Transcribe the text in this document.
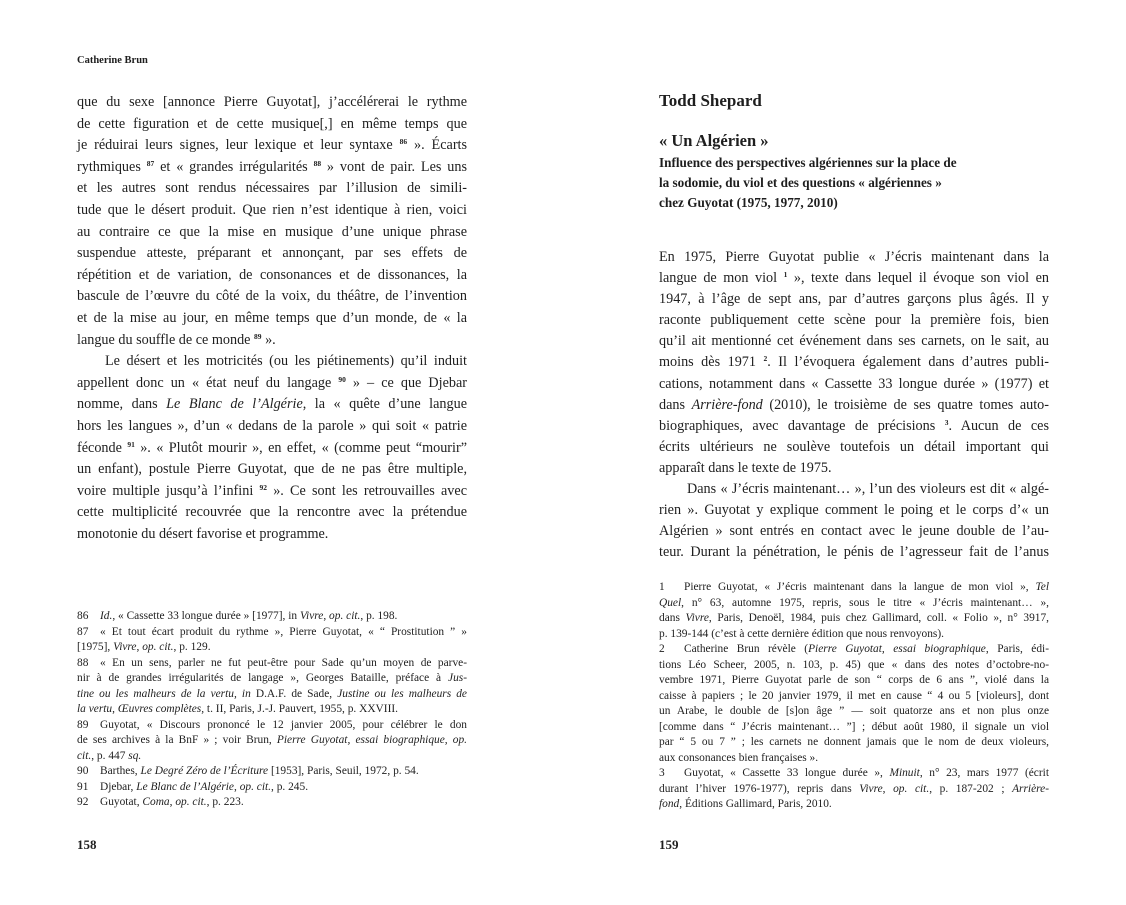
Catherine Brun
que du sexe [annonce Pierre Guyotat], j’accélérerai le rythme
de cette figuration et de cette musique[,] en même temps que
je réduirai leurs signes, leur lexique et leur syntaxe $^{86}$ ». Écarts
rythmiques $^{87}$ et « grandes irrégularités $^{88}$ » vont de pair. Les uns
et les autres sont rendus nécessaires par l’illusion de simili-
tude que le désert produit. Que rien n’est identique à rien, voici
au contraire ce que la mise en musique d’une unique phrase
suspendue atteste, préparant et annonçant, par ses effets de
répétition et de variation, de consonances et de dissonances, la
bascule de l’œuvre du côté de la voix, du théâtre, de l’invention
et de la mise au jour, en même temps que d’un monde, de « la
langue du souffle de ce monde $^{89}$ ».
Le désert et les motricités (ou les piétinements) qu’il induit
appellent donc un « état neuf du langage $^{90}$ » – ce que Djebar
nomme, dans Le Blanc de l’Algérie, la « quête d’une langue
hors les langues », d’un « dedans de la parole » qui soit « patrie
féconde $^{91}$ ». « Plutôt mourir », en effet, « (comme peut “mourir”
un enfant), postule Pierre Guyotat, que de ne pas être multiple,
voire multiple jusqu’à l’infini $^{92}$ ». Ce sont les retrouvailles avec
cette multiplicité recouvrée que la rencontre avec la prétendue
monotonie du désert favorise et programme.
86 Id., « Cassette 33 longue durée » [1977], in Vivre, op. cit., p. 198.
87 « Et tout écart produit du rythme », Pierre Guyotat, « “ Prostitution ” »
[1975], Vivre, op. cit., p. 129.
88 « En un sens, parler ne fut peut-être pour Sade qu’un moyen de parve-
nir à de grandes irrégularités de langage », Georges Bataille, préface à Jus-
tine ou les malheurs de la vertu, in D.A.F. de Sade, Justine ou les malheurs de
la vertu, Œuvres complètes, t. II, Paris, J.-J. Pauvert, 1955, p. XXVIII.
89 Guyotat, « Discours prononcé le 12 janvier 2005, pour célébrer le don
de ses archives à la BnF » ; voir Brun, Pierre Guyotat, essai biographique, op.
cit., p. 447 sq.
90 Barthes, Le Degré Zéro de l’Écriture [1953], Paris, Seuil, 1972, p. 54.
91 Djebar, Le Blanc de l’Algérie, op. cit., p. 245.
92 Guyotat, Coma, op. cit., p. 223.
158
Todd Shepard
« Un Algérien »
Influence des perspectives algériennes sur la place de
la sodomie, du viol et des questions « algériennes »
chez Guyotat (1975, 1977, 2010)
En 1975, Pierre Guyotat publie « J’écris maintenant dans la
langue de mon viol $^1$ », texte dans lequel il évoque son viol en
1947, à l’âge de sept ans, par d’autres garçons plus âgés. Il y
raconte publiquement cette scène pour la première fois, bien
qu’il ait mentionné cet événement dans ses carnets, on le sait, au
moins dès 1971 $^2$. Il l’évoquera également dans d’autres publi-
cations, notamment dans « Cassette 33 longue durée » (1977) et
dans Arrière-fond (2010), le troisième de ses quatre tomes auto-
biographiques, avec davantage de précisions $^3$. Aucun de ces
écrits ultérieurs ne soulève toutefois un détail important qui
apparaît dans le texte de 1975.
Dans « J’écris maintenant… », l’un des violeurs est dit « algé-
rien ». Guyotat y explique comment le poing et le corps d’« un
Algérien » sont entrés en contact avec le jeune double de l’au-
teur. Durant la pénétration, le pénis de l’agresseur fait de l’anus
1 Pierre Guyotat, « J’écris maintenant dans la langue de mon viol », Tel
Quel, n° 63, automne 1975, repris, sous le titre « J’écris maintenant… »,
dans Vivre, Paris, Denoël, 1984, puis chez Gallimard, coll. « Folio », n° 3917,
p. 139-144 (c’est à cette dernière édition que nous renvoyons).
2 Catherine Brun révèle (Pierre Guyotat, essai biographique, Paris, édi-
tions Léo Scheer, 2005, n. 103, p. 45) que « dans des notes d’octobre-no-
vembre 1971, Pierre Guyotat parle de son “ corps de 6 ans ”, violé dans la
caisse à papiers ; le 20 janvier 1979, il met en cause “ 4 ou 5 [violeurs], dont
un Arabe, le double de [s]on âge ” — soit quatorze ans et non plus onze
[comme dans “ J’écris maintenant… ”] ; début août 1980, il signale un viol
par “ 5 ou 7 ” ; les carnets ne donnent jamais que le nom de deux violeurs,
aux consonances bien françaises ».
3 Guyotat, « Cassette 33 longue durée », Minuit, n° 23, mars 1977 (écrit
durant l’hiver 1976-1977), repris dans Vivre, op. cit., p. 187-202 ; Arrière-
fond, Éditions Gallimard, Paris, 2010.
159
